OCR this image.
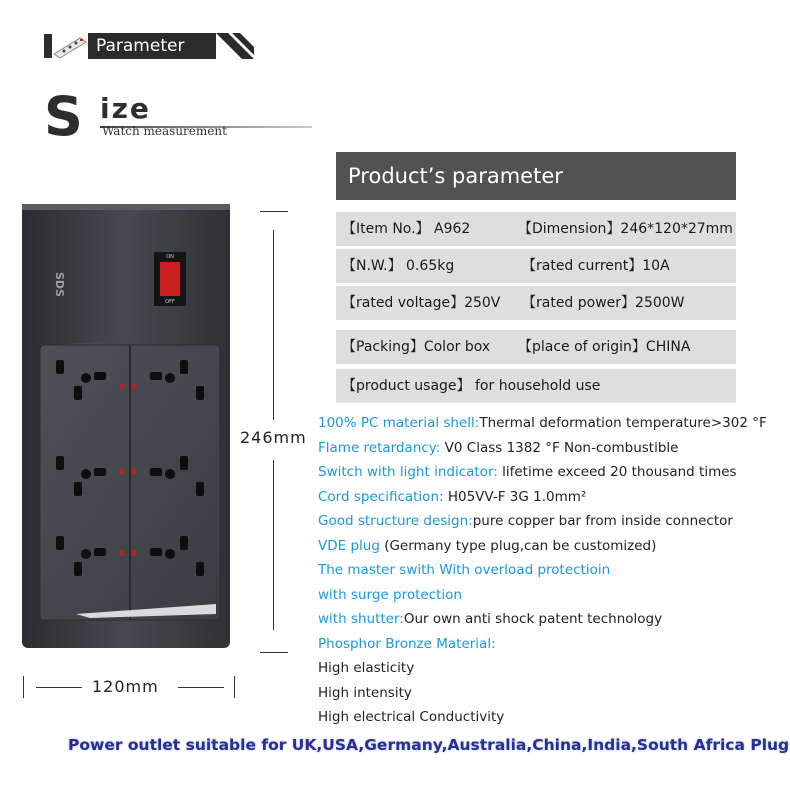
Parameter
S ize
Watch measurement
Product’s parameter
【Item No.】 A962	【Dimension】246*120*27mm
【N.W.】 0.65kg	【rated current】10A
【rated voltage】250V 【rated power】2500W
【Packing】Color box 【place of origin】CHINA
【product usage】 for household use
SDS
ON
OFF
246mm
120mm
100% PC material shell:Thermal deformation temperature>302 °F
Flame retardancy: V0 Class 1382 °F Non-combustible
Switch with light indicator: lifetime exceed 20 thousand times
Cord specification: H05VV-F 3G 1.0mm²
Good structure design:pure copper bar from inside connector
VDE plug (Germany type plug,can be customized)
The master swith With overload protectioin
with surge protection
with shutter:Our own anti shock patent technology
Phosphor Bronze Material:
High elasticity
High intensity
High electrical Conductivity
Power outlet suitable for UK,USA,Germany,Australia,China,India,South Africa Plug
